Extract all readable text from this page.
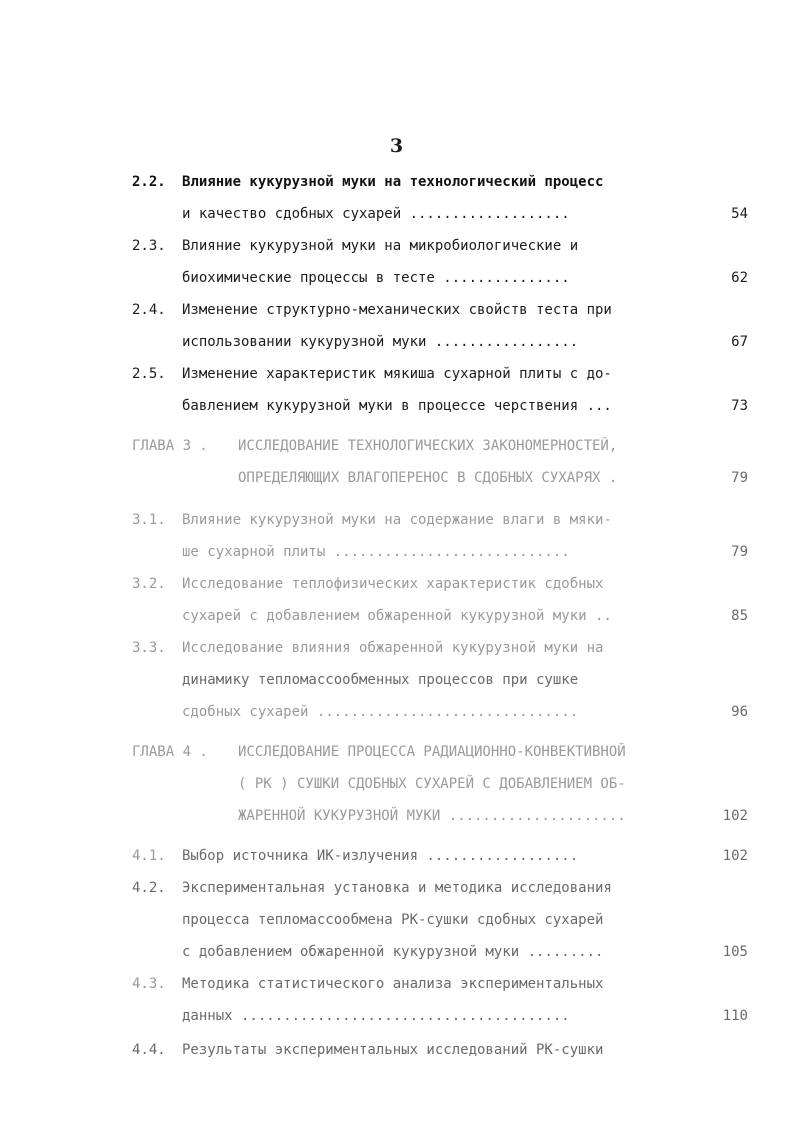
3
2.2. Влияние кукурузной муки на технологический процесс
и качество сдобных сухарей ...................	54
2.3. Влияние кукурузной муки на микробиологические и
биохимические процессы в тесте ...............	62
2.4. Изменение структурно-механических свойств теста при
использовании кукурузной муки .................	67
2.5. Изменение характеристик мякиша сухарной плиты с до-
бавлением кукурузной муки в процессе черствения ...	73
ГЛАВА 3 . ИССЛЕДОВАНИЕ ТЕХНОЛОГИЧЕСКИХ ЗАКОНОМЕРНОСТЕЙ,
ОПРЕДЕЛЯЮЩИХ ВЛАГОПЕРЕНОС В СДОБНЫХ СУХАРЯХ .	79
3.1. Влияние кукурузной муки на содержание влаги в мяки-
ше сухарной плиты ............................	79
3.2. Исследование теплофизических характеристик сдобных
сухарей с добавлением обжаренной кукурузной муки ..	85
3.3. Исследование влияния обжаренной кукурузной муки на
динамику тепломассообменных процессов при сушке
сдобных сухарей ...............................	96
ГЛАВА 4 . ИССЛЕДОВАНИЕ ПРОЦЕССА РАДИАЦИОННО-КОНВЕКТИВНОЙ
( РК ) СУШКИ СДОБНЫХ СУХАРЕЙ С ДОБАВЛЕНИЕМ ОБ-
ЖАРЕННОЙ КУКУРУЗНОЙ МУКИ .....................	102
4.1. Выбор источника ИК-излучения ..................	102
4.2. Экспериментальная установка и методика исследования
процесса тепломассообмена РК-сушки сдобных сухарей
с добавлением обжаренной кукурузной муки .........	105
4.3. Методика статистического анализа экспериментальных
данных .......................................	110
4.4. Результаты экспериментальных исследований РК-сушки
